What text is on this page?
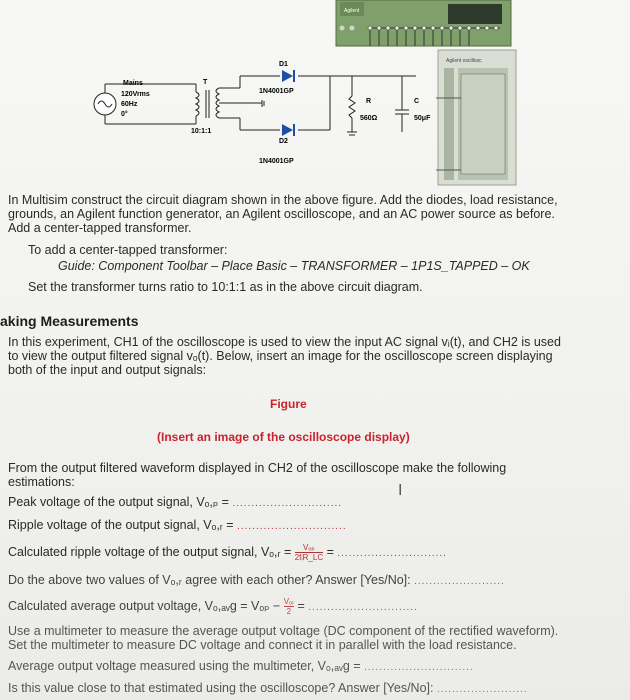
Agilent
Agilent oscillosc
Mains
120Vrms
60Hz
0°
T
10:1:1
D1
1N4001GP
D2
1N4001GP
R
560Ω
C
50μF
In Multisim construct the circuit diagram shown in the above figure. Add the diodes, load resistance,
grounds, an Agilent function generator, an Agilent oscilloscope, and an AC power source as before.
Add a center-tapped transformer.
To add a center-tapped transformer:
Guide: Component Toolbar – Place Basic – TRANSFORMER – 1P1S_TAPPED – OK
Set the transformer turns ratio to 10:1:1 as in the above circuit diagram.
aking Measurements
In this experiment, CH1 of the oscilloscope is used to view the input AC signal vᵢ(t), and CH2 is used
to view the output filtered signal vₒ(t). Below, insert an image for the oscilloscope screen displaying
both of the input and output signals:
Figure
(Insert an image of the oscilloscope display)
From the output filtered waveform displayed in CH2 of the oscilloscope make the following
estimations:	I
Peak voltage of the output signal, Vₒ,ₚ = .............................
Ripple voltage of the output signal, Vₒ,ᵣ = .............................
Calculated ripple voltage of the output signal, Vₒ,ᵣ =	Vₒₚ
2fᵢR_LC = .............................
Do the above two values of Vₒ,ᵣ agree with each other? Answer [Yes/No]: ........................
Calculated average output voltage, Vₒ,ₐᵥg = Vₒₚ − Vₒᵣ
2 = .............................
Use a multimeter to measure the average output voltage (DC component of the rectified waveform).
Set the multimeter to measure DC voltage and connect it in parallel with the load resistance.
Average output voltage measured using the multimeter, Vₒ,ₐᵥg = .............................
Is this value close to that estimated using the oscilloscope? Answer [Yes/No]: ........................
